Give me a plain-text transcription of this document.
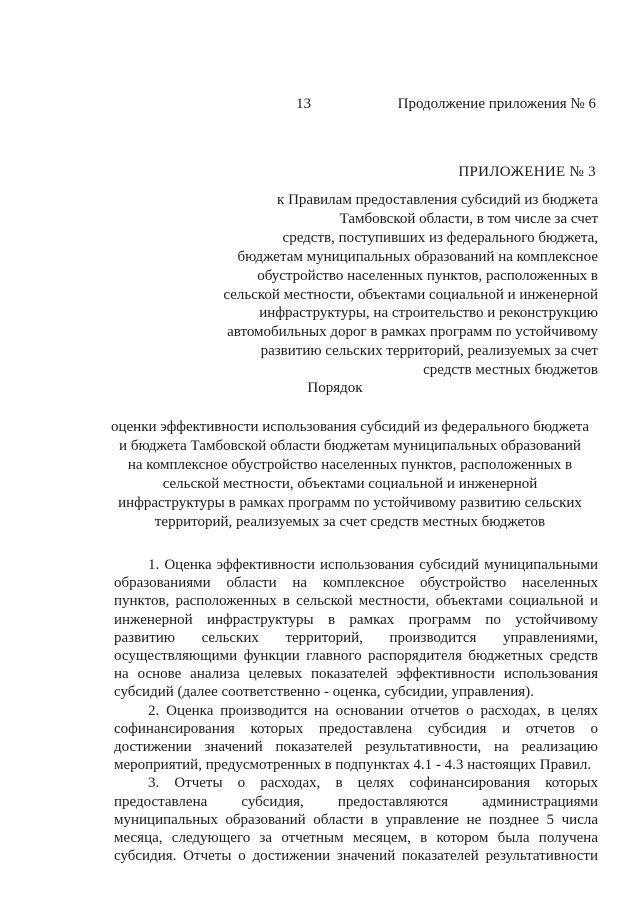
13	Продолжение приложения № 6
ПРИЛОЖЕНИЕ № 3
к Правилам предоставления субсидий из бюджета
Тамбовской области, в том числе за счет
средств, поступивших из федерального бюджета,
бюджетам муниципальных образований на комплексное
обустройство населенных пунктов, расположенных в
сельской местности, объектами социальной и инженерной
инфраструктуры, на строительство и реконструкцию
автомобильных дорог в рамках программ по устойчивому
развитию сельских территорий, реализуемых за счет
средств местных бюджетов
Порядок
оценки эффективности использования субсидий из федерального бюджета
и бюджета Тамбовской области бюджетам муниципальных образований
на комплексное обустройство населенных пунктов, расположенных в
сельской местности, объектами социальной и инженерной
инфраструктуры в рамках программ по устойчивому развитию сельских
территорий, реализуемых за счет средств местных бюджетов
1. Оценка эффективности использования субсидий муниципальными
образованиями области на комплексное обустройство населенных
пунктов, расположенных в сельской местности, объектами социальной и
инженерной инфраструктуры в рамках программ по устойчивому
развитию сельских территорий, производится управлениями,
осуществляющими функции главного распорядителя бюджетных средств
на основе анализа целевых показателей эффективности использования
субсидий (далее соответственно - оценка, субсидии, управления).
2. Оценка производится на основании отчетов о расходах, в целях
софинансирования которых предоставлена субсидия и отчетов о
достижении значений показателей результативности, на реализацию
мероприятий, предусмотренных в подпунктах 4.1 - 4.3 настоящих Правил.
3. Отчеты о расходах, в целях софинансирования которых
предоставлена субсидия, предоставляются администрациями
муниципальных образований области в управление не позднее 5 числа
месяца, следующего за отчетным месяцем, в котором была получена
субсидия. Отчеты о достижении значений показателей результативности
